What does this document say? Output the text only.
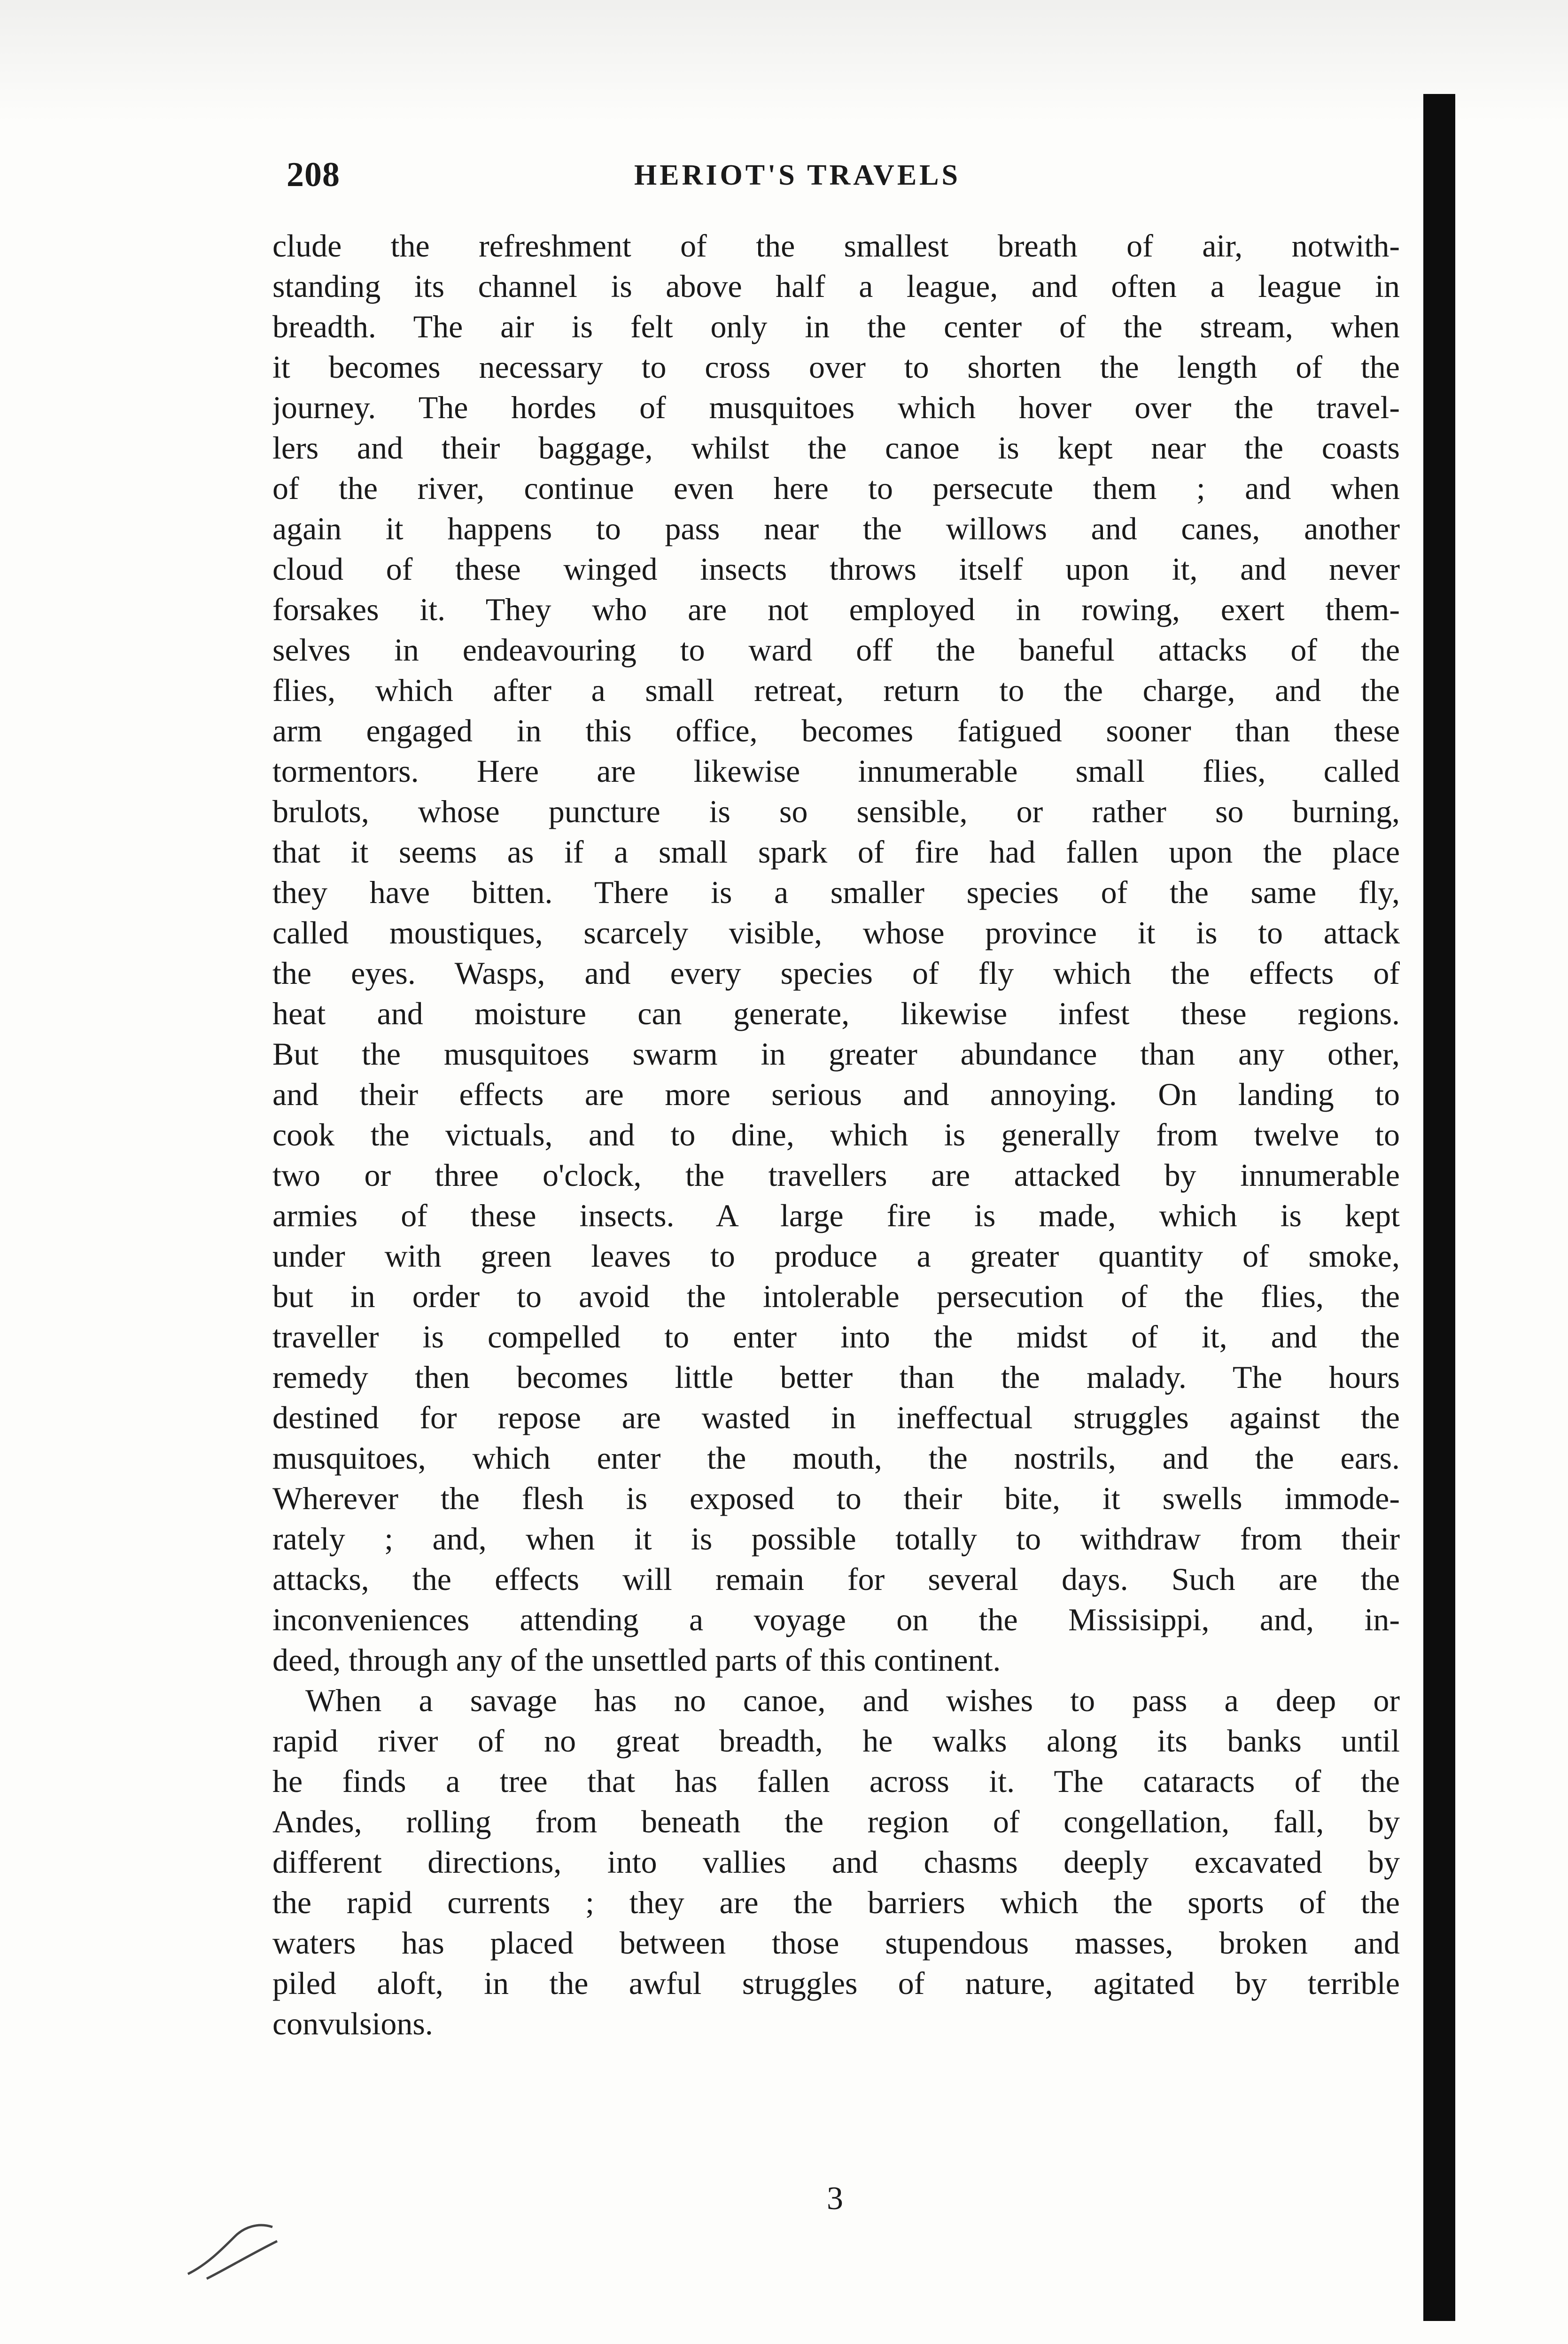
208	HERIOT'S TRAVELS
clude the refreshment of the smallest breath of air, notwith-
standing its channel is above half a league, and often a league in
breadth. The air is felt only in the center of the stream, when
it becomes necessary to cross over to shorten the length of the
journey. The hordes of musquitoes which hover over the travel-
lers and their baggage, whilst the canoe is kept near the coasts
of the river, continue even here to persecute them ; and when
again it happens to pass near the willows and canes, another
cloud of these winged insects throws itself upon it, and never
forsakes it. They who are not employed in rowing, exert them-
selves in endeavouring to ward off the baneful attacks of the
flies, which after a small retreat, return to the charge, and the
arm engaged in this office, becomes fatigued sooner than these
tormentors. Here are likewise innumerable small flies, called
brulots, whose puncture is so sensible, or rather so burning,
that it seems as if a small spark of fire had fallen upon the place
they have bitten. There is a smaller species of the same fly,
called moustiques, scarcely visible, whose province it is to attack
the eyes. Wasps, and every species of fly which the effects of
heat and moisture can generate, likewise infest these regions.
But the musquitoes swarm in greater abundance than any other,
and their effects are more serious and annoying. On landing to
cook the victuals, and to dine, which is generally from twelve to
two or three o'clock, the travellers are attacked by innumerable
armies of these insects. A large fire is made, which is kept
under with green leaves to produce a greater quantity of smoke,
but in order to avoid the intolerable persecution of the flies, the
traveller is compelled to enter into the midst of it, and the
remedy then becomes little better than the malady. The hours
destined for repose are wasted in ineffectual struggles against the
musquitoes, which enter the mouth, the nostrils, and the ears.
Wherever the flesh is exposed to their bite, it swells immode-
rately ; and, when it is possible totally to withdraw from their
attacks, the effects will remain for several days. Such are the
inconveniences attending a voyage on the Missisippi, and, in-
deed, through any of the unsettled parts of this continent.
When a savage has no canoe, and wishes to pass a deep or
rapid river of no great breadth, he walks along its banks until
he finds a tree that has fallen across it. The cataracts of the
Andes, rolling from beneath the region of congellation, fall, by
different directions, into vallies and chasms deeply excavated by
the rapid currents ; they are the barriers which the sports of the
waters has placed between those stupendous masses, broken and
piled aloft, in the awful struggles of nature, agitated by terrible
convulsions.
3
